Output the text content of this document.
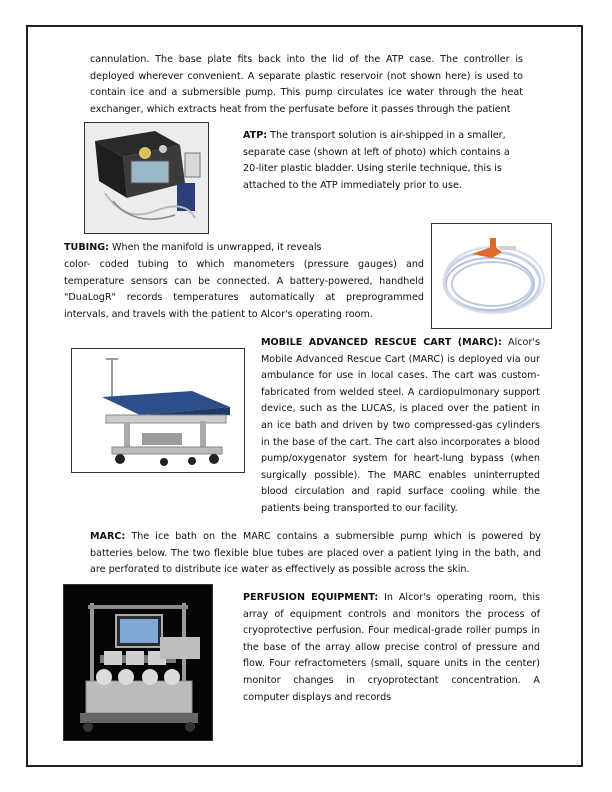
cannulation. The base plate fits back into the lid of the ATP case. The controller is deployed wherever convenient. A separate plastic reservoir (not shown here) is used to contain ice and a submersible pump. This pump circulates ice water through the heat exchanger, which extracts heat from the perfusate before it passes through the patient

ATP: The transport solution is air-shipped in a smaller, separate case (shown at left of photo) which contains a 20-liter plastic bladder. Using sterile technique, this is attached to the ATP immediately prior to use.

TUBING: When the manifold is unwrapped, it reveals

color- coded tubing to which manometers (pressure gauges) and temperature sensors can be connected. A battery-powered, handheld "DuaLogR" records temperatures automatically at preprogrammed intervals, and travels with the patient to Alcor's operating room.

MOBILE ADVANCED RESCUE CART (MARC): Alcor's Mobile Advanced Rescue Cart (MARC) is deployed via our ambulance for use in local cases. The cart was custom-fabricated from welded steel. A cardiopulmonary support device, such as the LUCAS, is placed over the patient in an ice bath and driven by two compressed-gas cylinders in the base of the cart. The cart also incorporates a blood pump/oxygenator system for heart-lung bypass (when surgically possible). The MARC enables uninterrupted blood circulation and rapid surface cooling while the patients being transported to our facility.

MARC: The ice bath on the MARC contains a submersible pump which is powered by batteries below. The two flexible blue tubes are placed over a patient lying in the bath, and are perforated to distribute ice water as effectively as possible across the skin.

PERFUSION EQUIPMENT: In Alcor's operating room, this array of equipment controls and monitors the process of cryoprotective perfusion. Four medical-grade roller pumps in the base of the array allow precise control of pressure and flow. Four refractometers (small, square units in the center) monitor changes in cryoprotectant concentration. A computer displays and records
